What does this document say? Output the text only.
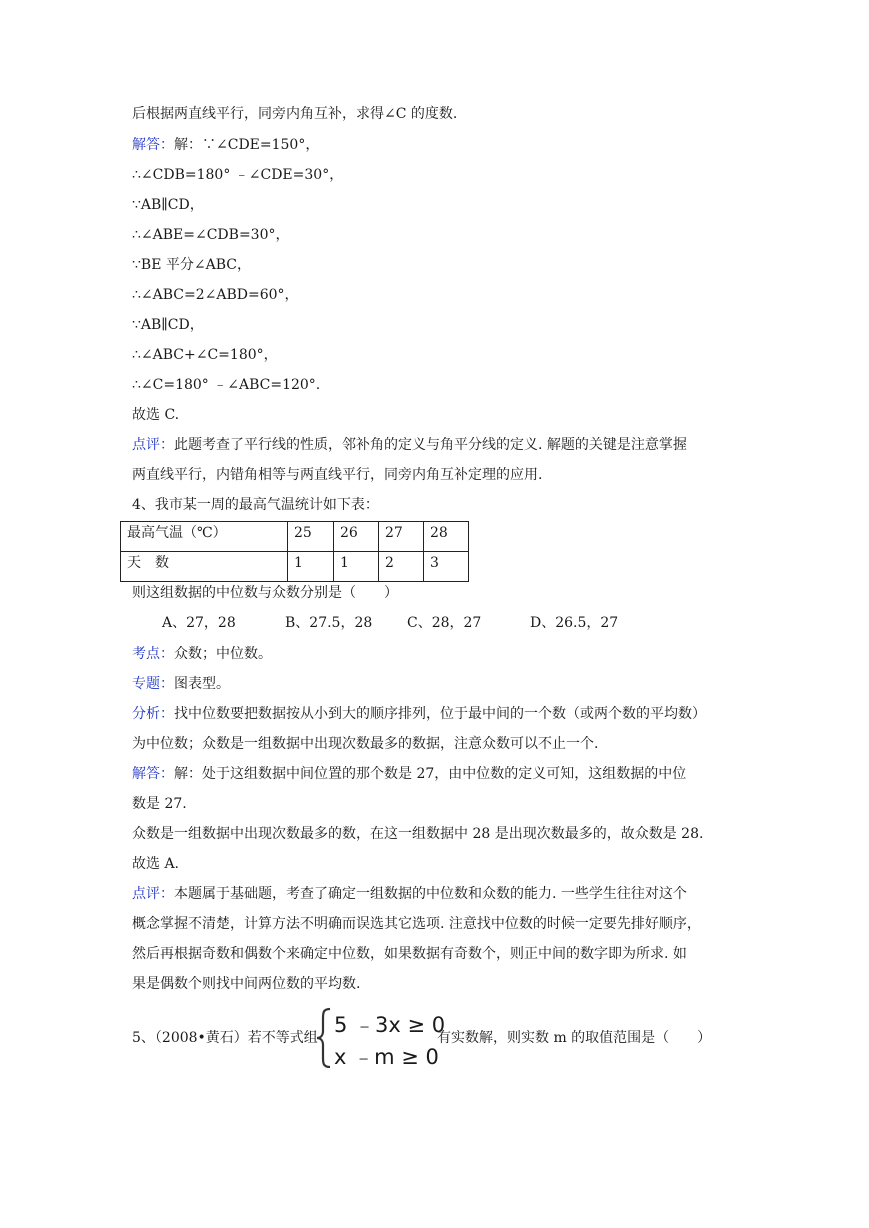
后根据两直线平行，同旁内角互补，求得∠C 的度数.
解答：解：∵∠CDE=150°，
∴∠CDB=180° ﹣∠CDE=30°，
∵AB∥CD，
∴∠ABE=∠CDB=30°，
∵BE 平分∠ABC，
∴∠ABC=2∠ABD=60°，
∵AB∥CD，
∴∠ABC+∠C=180°，
∴∠C=180° ﹣∠ABC=120°.
故选 C.
点评：此题考查了平行线的性质，邻补角的定义与角平分线的定义. 解题的关键是注意掌握
两直线平行，内错角相等与两直线平行，同旁内角互补定理的应用.
4、我市某一周的最高气温统计如下表：
最高气温（℃）	25	26	27	28
天　数	1	1	2	3
则这组数据的中位数与众数分别是（　　）
A、27，28	B、27.5，28 C、28，27	D、26.5，27
考点：众数；中位数。
专题：图表型。
分析：找中位数要把数据按从小到大的顺序排列，位于最中间的一个数（或两个数的平均数）
为中位数；众数是一组数据中出现次数最多的数据，注意众数可以不止一个.
解答：解：处于这组数据中间位置的那个数是 27，由中位数的定义可知，这组数据的中位
数是 27.
众数是一组数据中出现次数最多的数，在这一组数据中 28 是出现次数最多的，故众数是 28.
故选 A.
点评：本题属于基础题，考查了确定一组数据的中位数和众数的能力. 一些学生往往对这个
概念掌握不清楚，计算方法不明确而误选其它选项. 注意找中位数的时候一定要先排好顺序，
然后再根据奇数和偶数个来确定中位数，如果数据有奇数个，则正中间的数字即为所求. 如
果是偶数个则找中间两位数的平均数.
5、（2008•黄石）若不等式组
5 ﹣3x ≥ 0
x ﹣m ≥ 0
有实数解，则实数 m 的取值范围是（　　）
